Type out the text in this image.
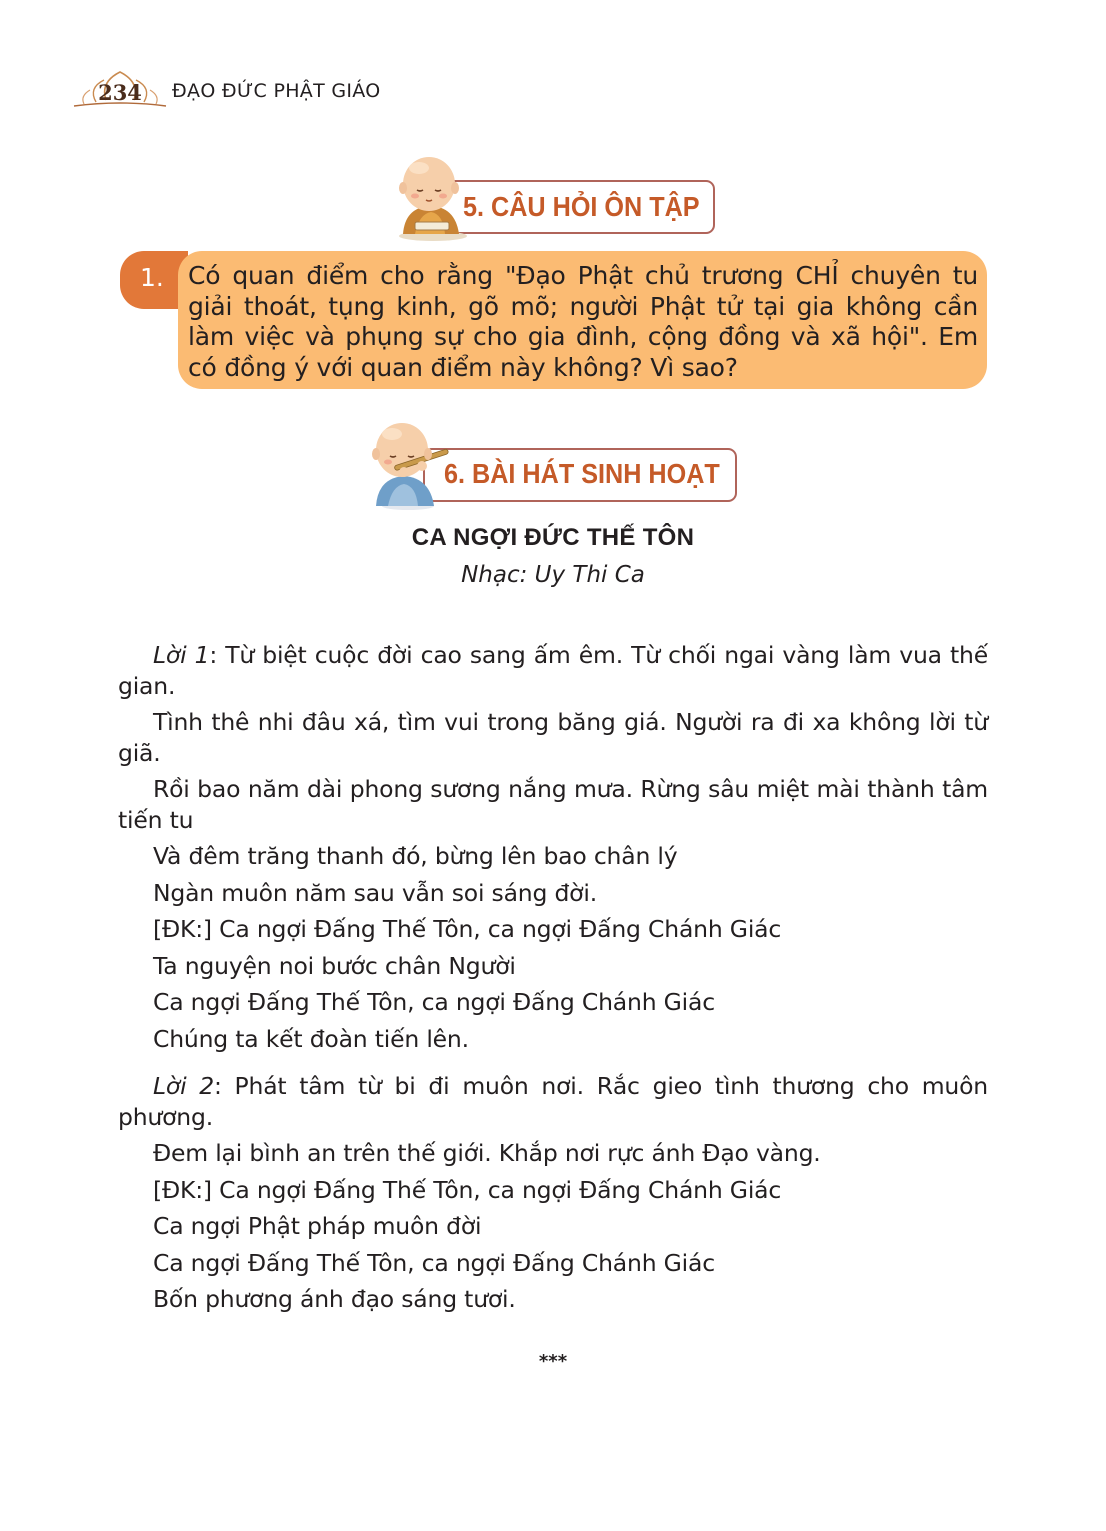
234	ĐẠO ĐỨC PHẬT GIÁO
5. CÂU HỎI ÔN TẬP
1. Có quan điểm cho rằng "Đạo Phật chủ trương CHỈ chuyên tu giải thoát, tụng kinh, gõ mõ; người Phật tử tại gia không cần làm việc và phụng sự cho gia đình, cộng đồng và xã hội". Em có đồng ý với quan điểm này không? Vì sao?
6. BÀI HÁT SINH HOẠT
CA NGỢI ĐỨC THẾ TÔN
Nhạc: Uy Thi Ca

Lời 1: Từ biệt cuộc đời cao sang ấm êm. Từ chối ngai vàng làm vua thế gian.

Tình thê nhi đâu xá, tìm vui trong băng giá. Người ra đi xa không lời từ giã.

Rồi bao năm dài phong sương nắng mưa. Rừng sâu miệt mài thành tâm tiến tu

Và đêm trăng thanh đó, bừng lên bao chân lý

Ngàn muôn năm sau vẫn soi sáng đời.

[ĐK:] Ca ngợi Đấng Thế Tôn, ca ngợi Đấng Chánh Giác

Ta nguyện noi bước chân Người

Ca ngợi Đấng Thế Tôn, ca ngợi Đấng Chánh Giác

Chúng ta kết đoàn tiến lên.

Lời 2: Phát tâm từ bi đi muôn nơi. Rắc gieo tình thương cho muôn phương.

Đem lại bình an trên thế giới. Khắp nơi rực ánh Đạo vàng.

[ĐK:] Ca ngợi Đấng Thế Tôn, ca ngợi Đấng Chánh Giác

Ca ngợi Phật pháp muôn đời

Ca ngợi Đấng Thế Tôn, ca ngợi Đấng Chánh Giác

Bốn phương ánh đạo sáng tươi.

***
